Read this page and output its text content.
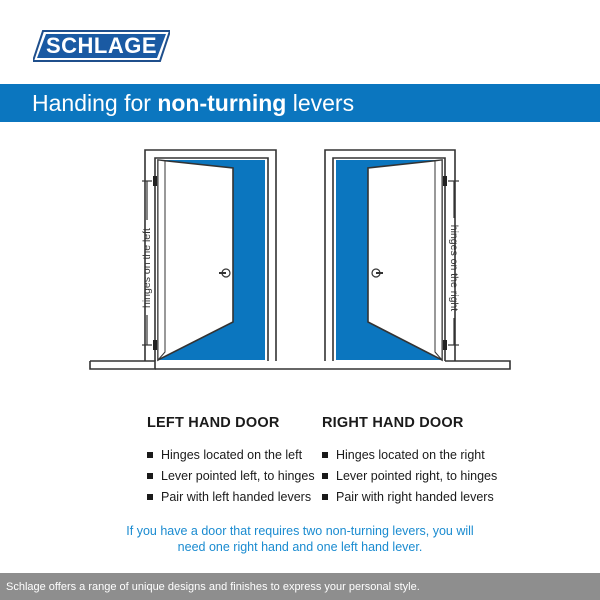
SCHLAGE
Handing for non-turning levers
hinges on the left	hinges on the right
LEFT HAND DOOR
Hinges located on the left
Lever pointed left, to hinges
Pair with left handed levers
RIGHT HAND DOOR
Hinges located on the right
Lever pointed right, to hinges
Pair with right handed levers
If you have a door that requires two non-turning levers, you will
need one right hand and one left hand lever.
Schlage offers a range of unique designs and finishes to express your personal style.
